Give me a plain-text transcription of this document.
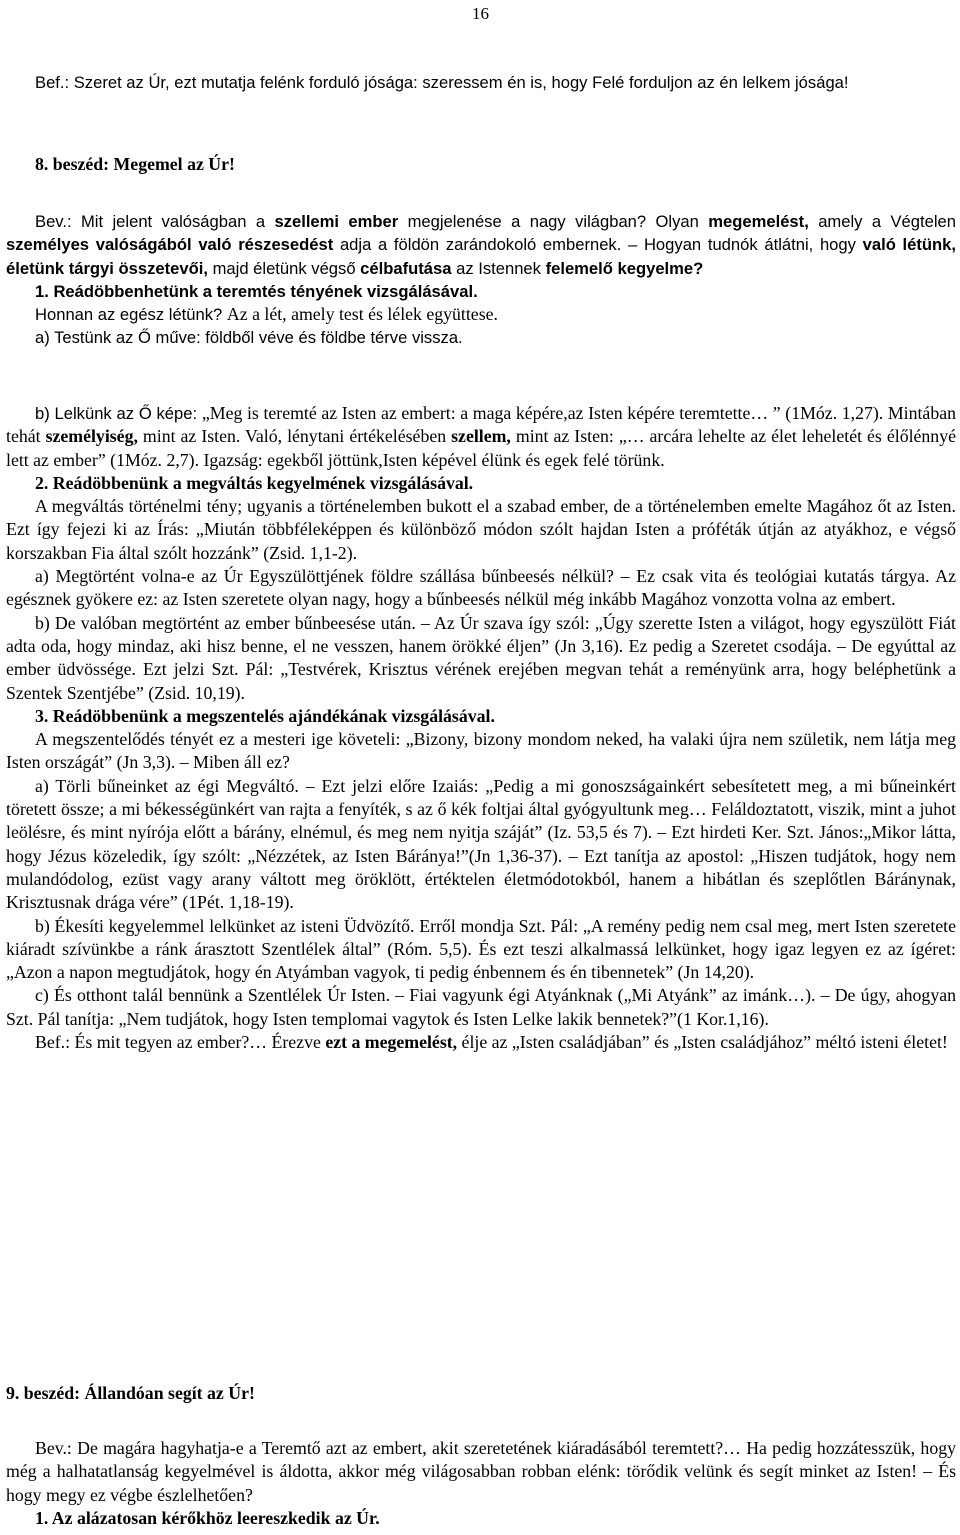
16

Bef.: Szeret az Úr, ezt mutatja felénk forduló jósága: szeressem én is, hogy Felé forduljon az én lelkem jósága!

8. beszéd: Megemel az Úr!

Bev.: Mit jelent valóságban a szellemi ember megjelenése a nagy világban? Olyan megemelést, amely a Végtelen személyes valóságából való részesedést adja a földön zarándokoló embernek. – Hogyan tudnók átlátni, hogy való létünk, életünk tárgyi összetevői, majd életünk végső célbafutása az Istennek felemelő kegyelme?

1. Reádöbbenhetünk a teremtés tényének vizsgálásával.

Honnan az egész létünk? Az a lét, amely test és lélek együttese.

a) Testünk az Ő műve: földből véve és földbe térve vissza.

b) Lelkünk az Ő képe: „Meg is teremté az Isten az embert: a maga képére,az Isten képére teremtette… ” (1Móz. 1,27). Mintában tehát személyiség, mint az Isten. Való, lénytani értékelésében szellem, mint az Isten: „… arcára lehelte az élet leheletét és élőlénnyé lett az ember” (1Móz. 2,7). Igazság: egekből jöttünk,Isten képével élünk és egek felé törünk.

2. Reádöbbenünk a megváltás kegyelmének vizsgálásával.

A megváltás történelmi tény; ugyanis a történelemben bukott el a szabad ember, de a történelemben emelte Magához őt az Isten. Ezt így fejezi ki az Írás: „Miután többféleképpen és különböző módon szólt hajdan Isten a próféták útján az atyákhoz, e végső korszakban Fia által szólt hozzánk” (Zsid. 1,1-2).

a) Megtörtént volna-e az Úr Egyszülöttjének földre szállása bűnbeesés nélkül? – Ez csak vita és teológiai kutatás tárgya. Az egésznek gyökere ez: az Isten szeretete olyan nagy, hogy a bűnbeesés nélkül még inkább Magához vonzotta volna az embert.

b) De valóban megtörtént az ember bűnbeesése után. – Az Úr szava így szól: „Úgy szerette Isten a világot, hogy egyszülött Fiát adta oda, hogy mindaz, aki hisz benne, el ne vesszen, hanem örökké éljen” (Jn 3,16). Ez pedig a Szeretet csodája. – De egyúttal az ember üdvössége. Ezt jelzi Szt. Pál: „Testvérek, Krisztus vérének erejében megvan tehát a reményünk arra, hogy beléphetünk a Szentek Szentjébe” (Zsid. 10,19).

3. Reádöbbenünk a megszentelés ajándékának vizsgálásával.

A megszentelődés tényét ez a mesteri ige követeli: „Bizony, bizony mondom neked, ha valaki újra nem születik, nem látja meg Isten országát” (Jn 3,3). – Miben áll ez?

a) Törli bűneinket az égi Megváltó. – Ezt jelzi előre Izaiás: „Pedig a mi gonoszságainkért sebesítetett meg, a mi bűneinkért töretett össze; a mi békességünkért van rajta a fenyíték, s az ő kék foltjai által gyógyultunk meg… Feláldoztatott, viszik, mint a juhot leölésre, és mint nyírója előtt a bárány, elnémul, és meg nem nyitja száját” (Iz. 53,5 és 7). – Ezt hirdeti Ker. Szt. János:„Mikor látta, hogy Jézus közeledik, így szólt: „Nézzétek, az Isten Báránya!”(Jn 1,36-37). – Ezt tanítja az apostol: „Hiszen tudjátok, hogy nem mulandódolog, ezüst vagy arany váltott meg öröklött, értéktelen életmódotokból, hanem a hibátlan és szeplőtlen Báránynak, Krisztusnak drága vére” (1Pét. 1,18-19).

b) Ékesíti kegyelemmel lelkünket az isteni Üdvözítő. Erről mondja Szt. Pál: „A remény pedig nem csal meg, mert Isten szeretete kiáradt szívünkbe a ránk árasztott Szentlélek által” (Róm. 5,5). És ezt teszi alkalmassá lelkünket, hogy igaz legyen ez az ígéret: „Azon a napon megtudjátok, hogy én Atyámban vagyok, ti pedig énbennem és én tibennetek” (Jn 14,20).

c) És otthont talál bennünk a Szentlélek Úr Isten. – Fiai vagyunk égi Atyánknak („Mi Atyánk” az imánk…). – De úgy, ahogyan Szt. Pál tanítja: „Nem tudjátok, hogy Isten templomai vagytok és Isten Lelke lakik bennetek?”(1 Kor.1,16).

Bef.: És mit tegyen az ember?… Érezve ezt a megemelést, élje az „Isten családjában” és „Isten családjához” méltó isteni életet!

9. beszéd: Állandóan segít az Úr!

Bev.: De magára hagyhatja-e a Teremtő azt az embert, akit szeretetének kiáradásából teremtett?… Ha pedig hozzátesszük, hogy még a halhatatlanság kegyelmével is áldotta, akkor még világosabban robban elénk: törődik velünk és segít minket az Isten! – És hogy megy ez végbe észlelhetően?

1. Az alázatosan kérőkhöz leereszkedik az Úr.
